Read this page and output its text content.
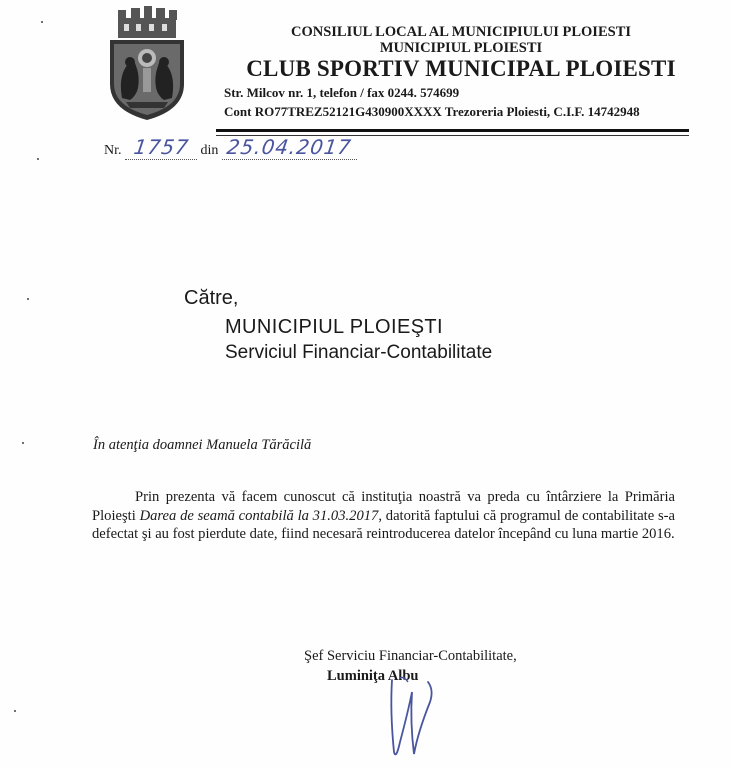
CONSILIUL LOCAL AL MUNICIPIULUI PLOIESTI
MUNICIPIUL PLOIESTI
CLUB SPORTIV MUNICIPAL PLOIESTI
Str. Milcov nr. 1, telefon / fax 0244. 574699
Cont RO77TREZ52121G430900XXXX Trezoreria Ploiesti, C.I.F. 14742948
Nr. 1757 din 25.04.2017
Către,
MUNICIPIUL PLOIEŞTI
Serviciul Financiar-Contabilitate
În atenţia doamnei Manuela Tărăcilă
Prin prezenta vă facem cunoscut că instituţia noastră va preda cu întârziere la Primăria Ploieşti Darea de seamă contabilă la 31.03.2017, datorită faptului că programul de contabilitate s-a defectat şi au fost pierdute date, fiind necesară reintroducerea datelor începând cu luna martie 2016.
Şef Serviciu Financiar-Contabilitate,
Luminiţa Albu
